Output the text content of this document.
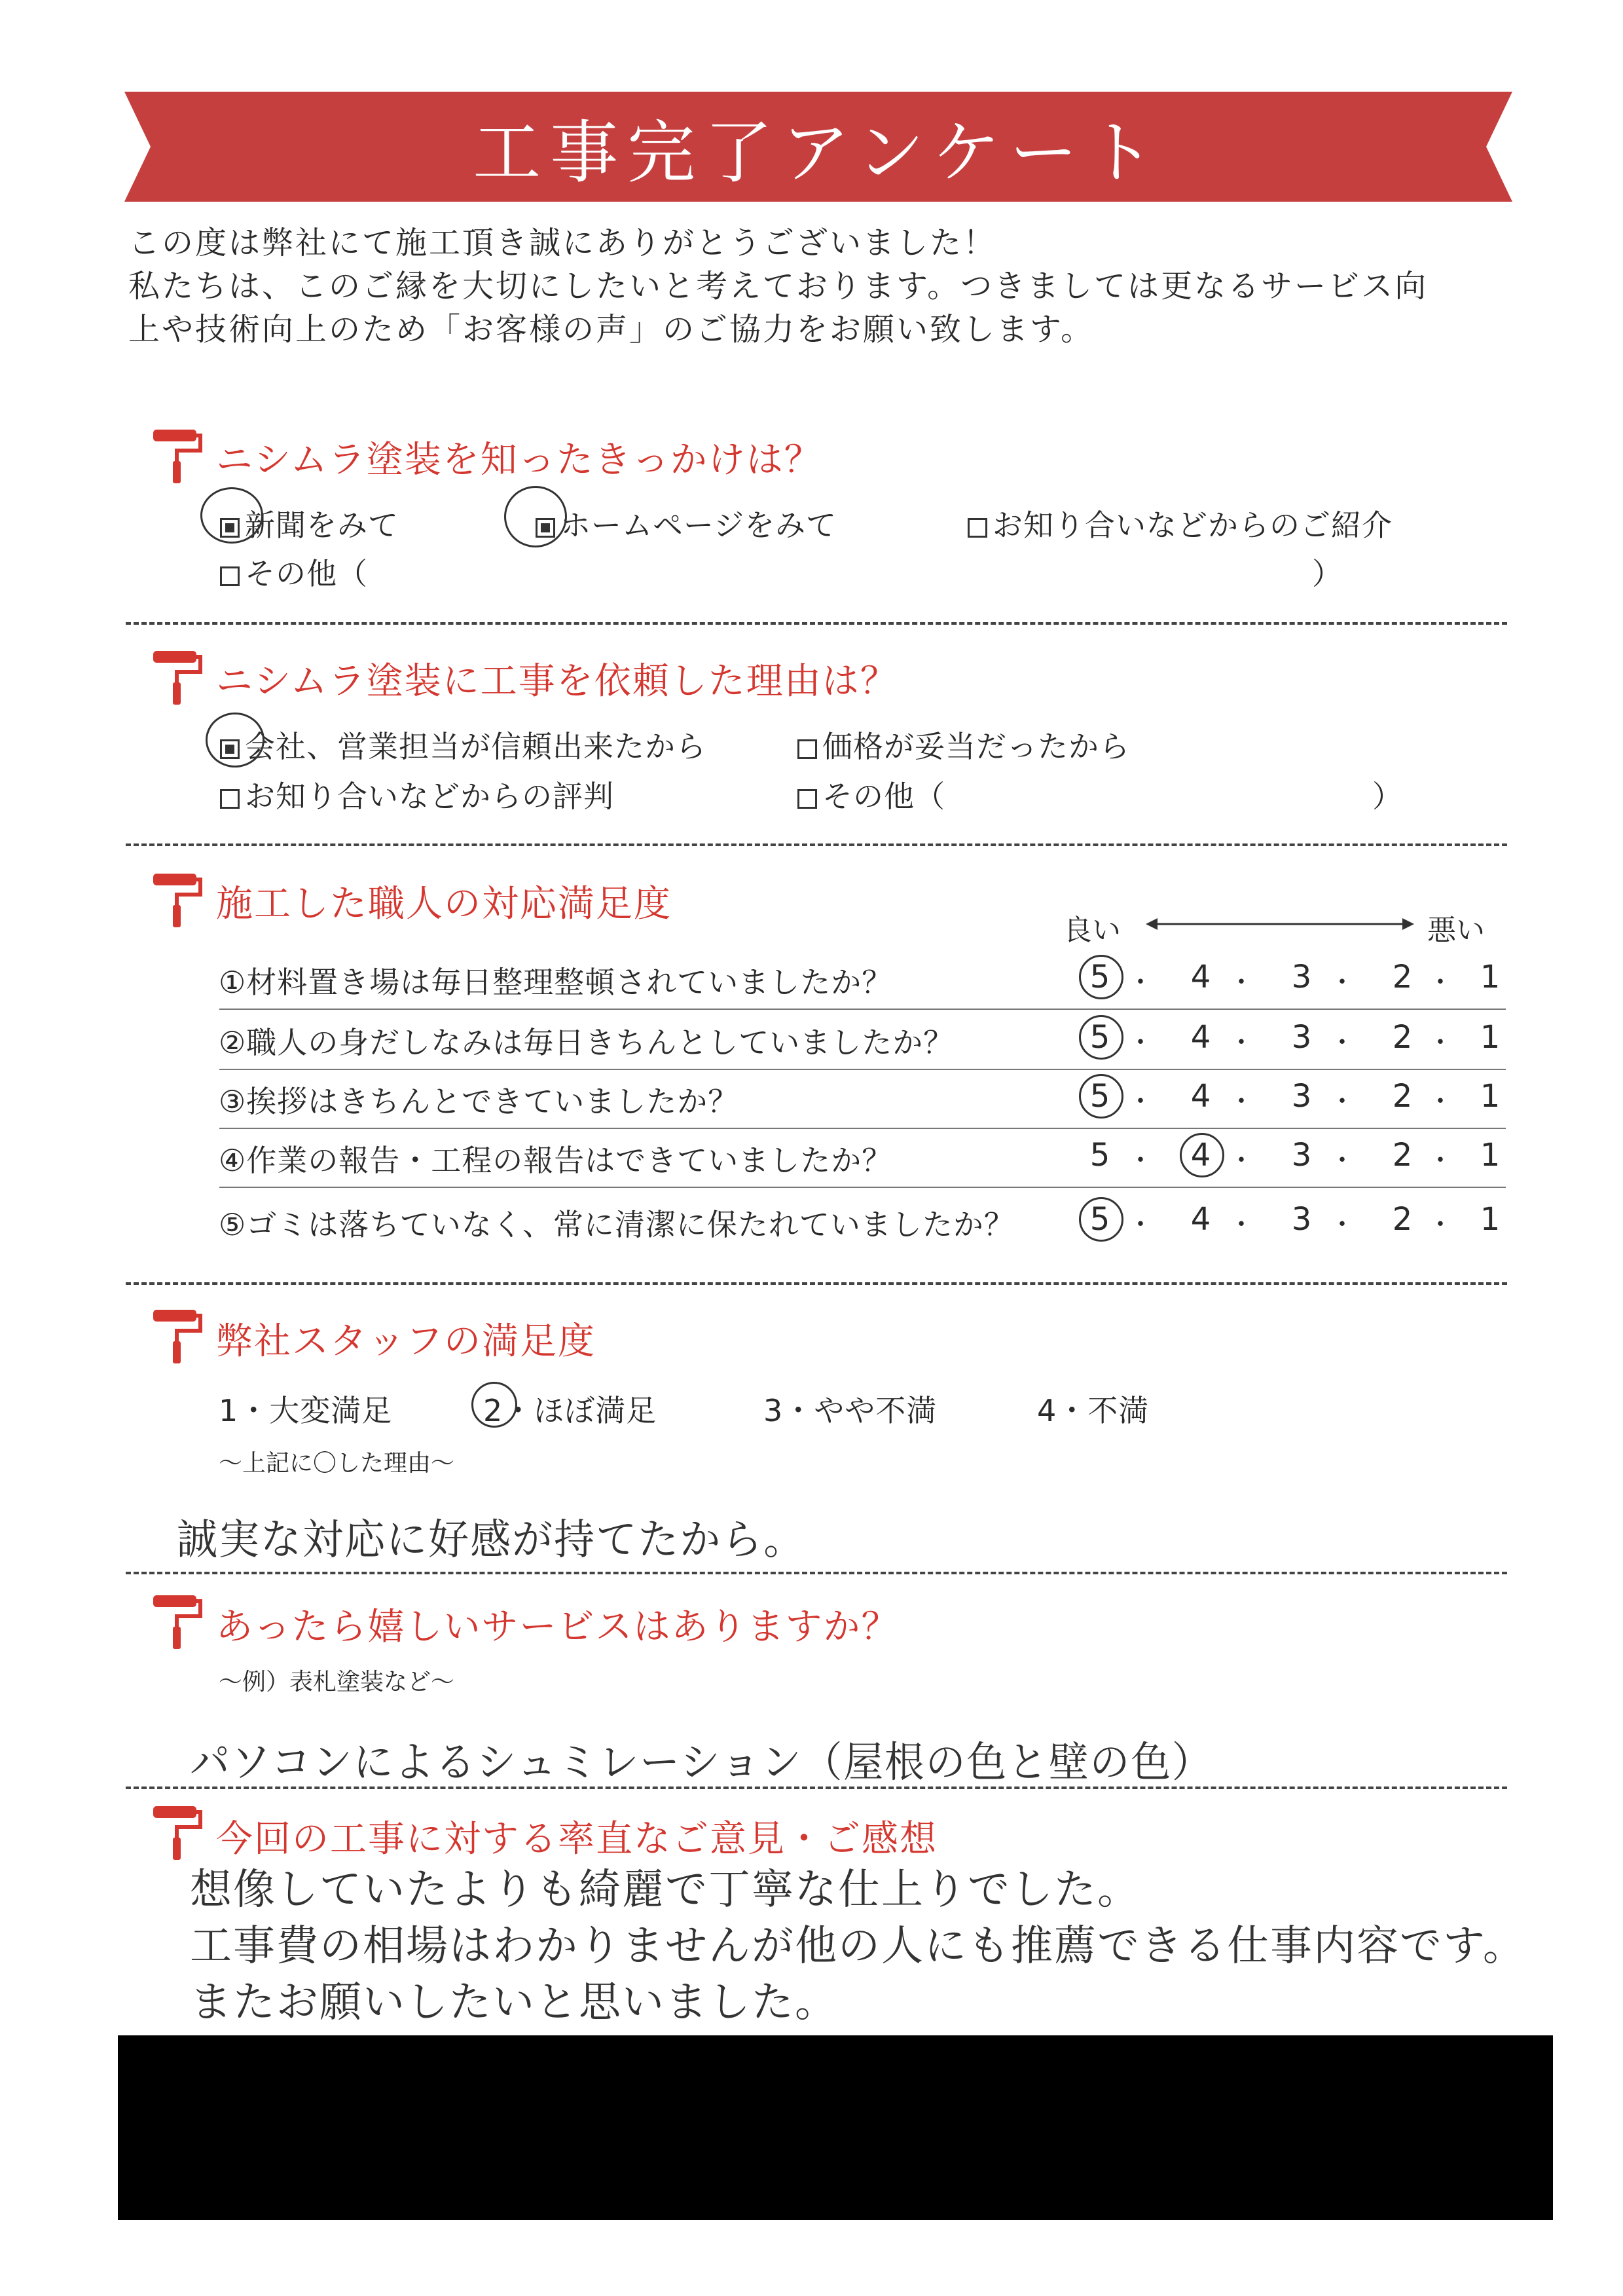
工事完了アンケート
この度は弊社にて施工頂き誠にありがとうございました！
私たちは、このご縁を大切にしたいと考えております。つきましては更なるサービス向
上や技術向上のため「お客様の声」のご協力をお願い致します。
ニシムラ塗装を知ったきっかけは？
新聞をみて	ホームページをみて	お知り合いなどからのご紹介
その他（	）
ニシムラ塗装に工事を依頼した理由は？
会社、営業担当が信頼出来たから	価格が妥当だったから
お知り合いなどからの評判	その他（	）
施工した職人の対応満足度
良い	悪い
①材料置き場は毎日整理整頓されていましたか？	5	4	3	2	1
・	・	・	・
②職人の身だしなみは毎日きちんとしていましたか？	5	4	3	2	1
・	・	・	・
③挨拶はきちんとできていましたか？	5	4	3	2	1
・	・	・	・
④作業の報告・工程の報告はできていましたか？	5	4	3	2	1
・	・	・	・
⑤ゴミは落ちていなく、常に清潔に保たれていましたか？	5	4	3	2	1
・	・	・	・
弊社スタッフの満足度
1・大変満足	2・ほぼ満足	3・やや不満	4・不満
〜上記に〇した理由〜
誠実な対応に好感が持てたから。
あったら嬉しいサービスはありますか？
〜例）表札塗装など〜
パソコンによるシュミレーション（屋根の色と壁の色）
今回の工事に対する率直なご意見・ご感想
想像していたよりも綺麗で丁寧な仕上りでした。
工事費の相場はわかりませんが他の人にも推薦できる仕事内容です。
またお願いしたいと思いました。
